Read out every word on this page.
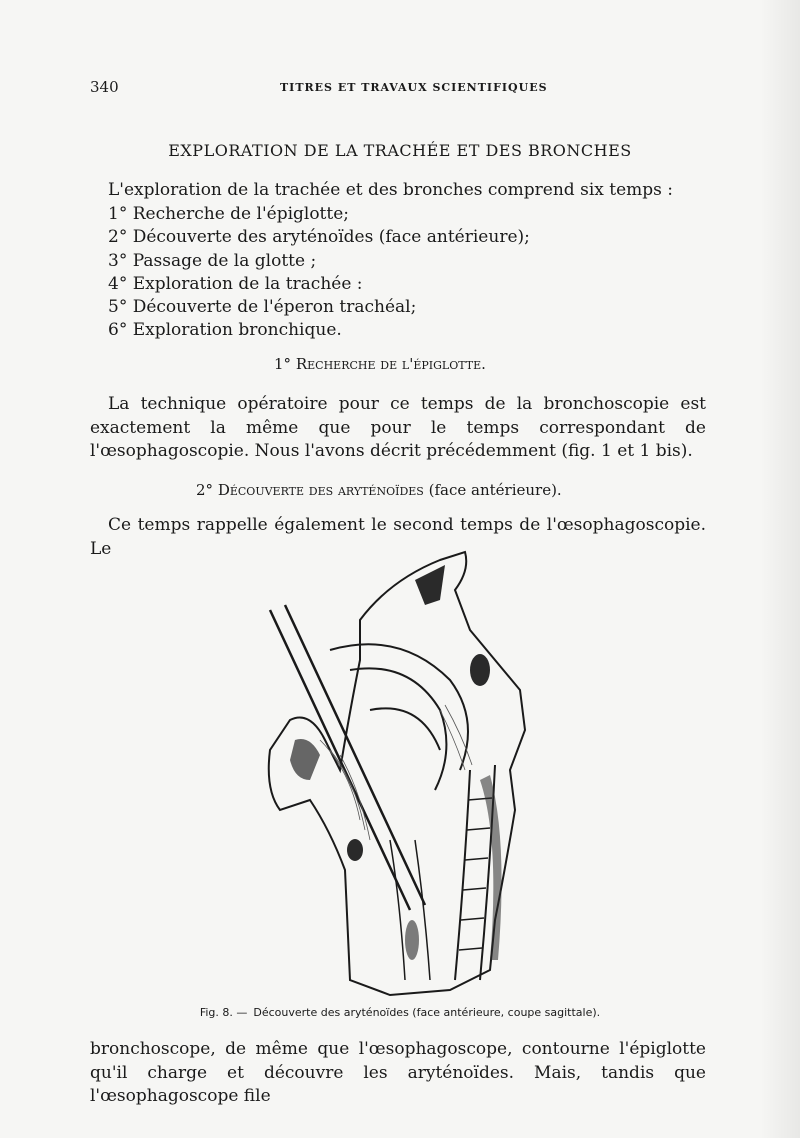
340	TITRES ET TRAVAUX SCIENTIFIQUES
EXPLORATION DE LA TRACHÉE ET DES BRONCHES
L'exploration de la trachée et des bronches comprend six temps :
1° Recherche de l'épiglotte;
2° Découverte des aryténoïdes (face antérieure);
3° Passage de la glotte ;
4° Exploration de la trachée :
5° Découverte de l'éperon trachéal;
6° Exploration bronchique.
1° Recherche de l'épiglotte.

La technique opératoire pour ce temps de la bronchoscopie est exactement la même que pour le temps correspondant de l'œsophagoscopie. Nous l'avons décrit précédemment (fig. 1 et 1 bis).

2° Découverte des aryténoïdes (face antérieure).

Ce temps rappelle également le second temps de l'œsophagoscopie. Le

Fig. 8. — Découverte des aryténoïdes (face antérieure, coupe sagittale).

bronchoscope, de même que l'œsophagoscope, contourne l'épiglotte qu'il charge et découvre les aryténoïdes. Mais, tandis que l'œsophagoscope file
